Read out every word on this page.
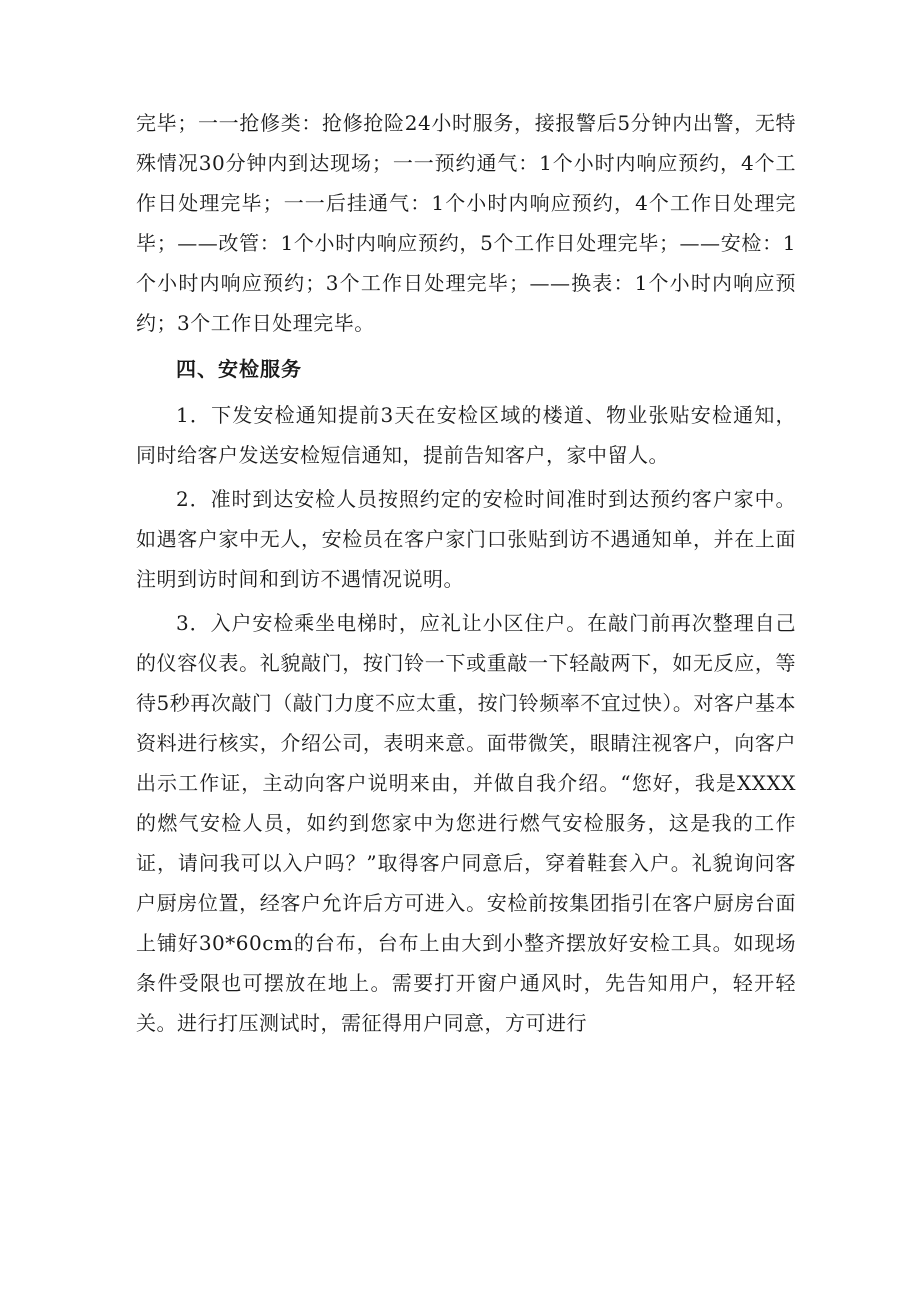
完毕；一一抢修类：抢修抢险24小时服务，接报警后5分钟内出警，无特殊情况30分钟内到达现场；一一预约通气：1个小时内响应预约，4个工作日处理完毕；一一后挂通气：1个小时内响应预约，4个工作日处理完毕；——改管：1个小时内响应预约，5个工作日处理完毕；——安检：1个小时内响应预约；3个工作日处理完毕；——换表：1个小时内响应预约；3个工作日处理完毕。

四、安检服务

1．下发安检通知提前3天在安检区域的楼道、物业张贴安检通知，同时给客户发送安检短信通知，提前告知客户，家中留人。

2．准时到达安检人员按照约定的安检时间准时到达预约客户家中。如遇客户家中无人，安检员在客户家门口张贴到访不遇通知单，并在上面注明到访时间和到访不遇情况说明。

3．入户安检乘坐电梯时，应礼让小区住户。在敲门前再次整理自己的仪容仪表。礼貌敲门，按门铃一下或重敲一下轻敲两下，如无反应，等待5秒再次敲门（敲门力度不应太重，按门铃频率不宜过快）。对客户基本资料进行核实，介绍公司，表明来意。面带微笑，眼睛注视客户，向客户出示工作证，主动向客户说明来由，并做自我介绍。“您好，我是XXXX的燃气安检人员，如约到您家中为您进行燃气安检服务，这是我的工作证，请问我可以入户吗？”取得客户同意后，穿着鞋套入户。礼貌询问客户厨房位置，经客户允许后方可进入。安检前按集团指引在客户厨房台面上铺好30*60cm的台布，台布上由大到小整齐摆放好安检工具。如现场条件受限也可摆放在地上。需要打开窗户通风时，先告知用户，轻开轻关。进行打压测试时，需征得用户同意，方可进行
